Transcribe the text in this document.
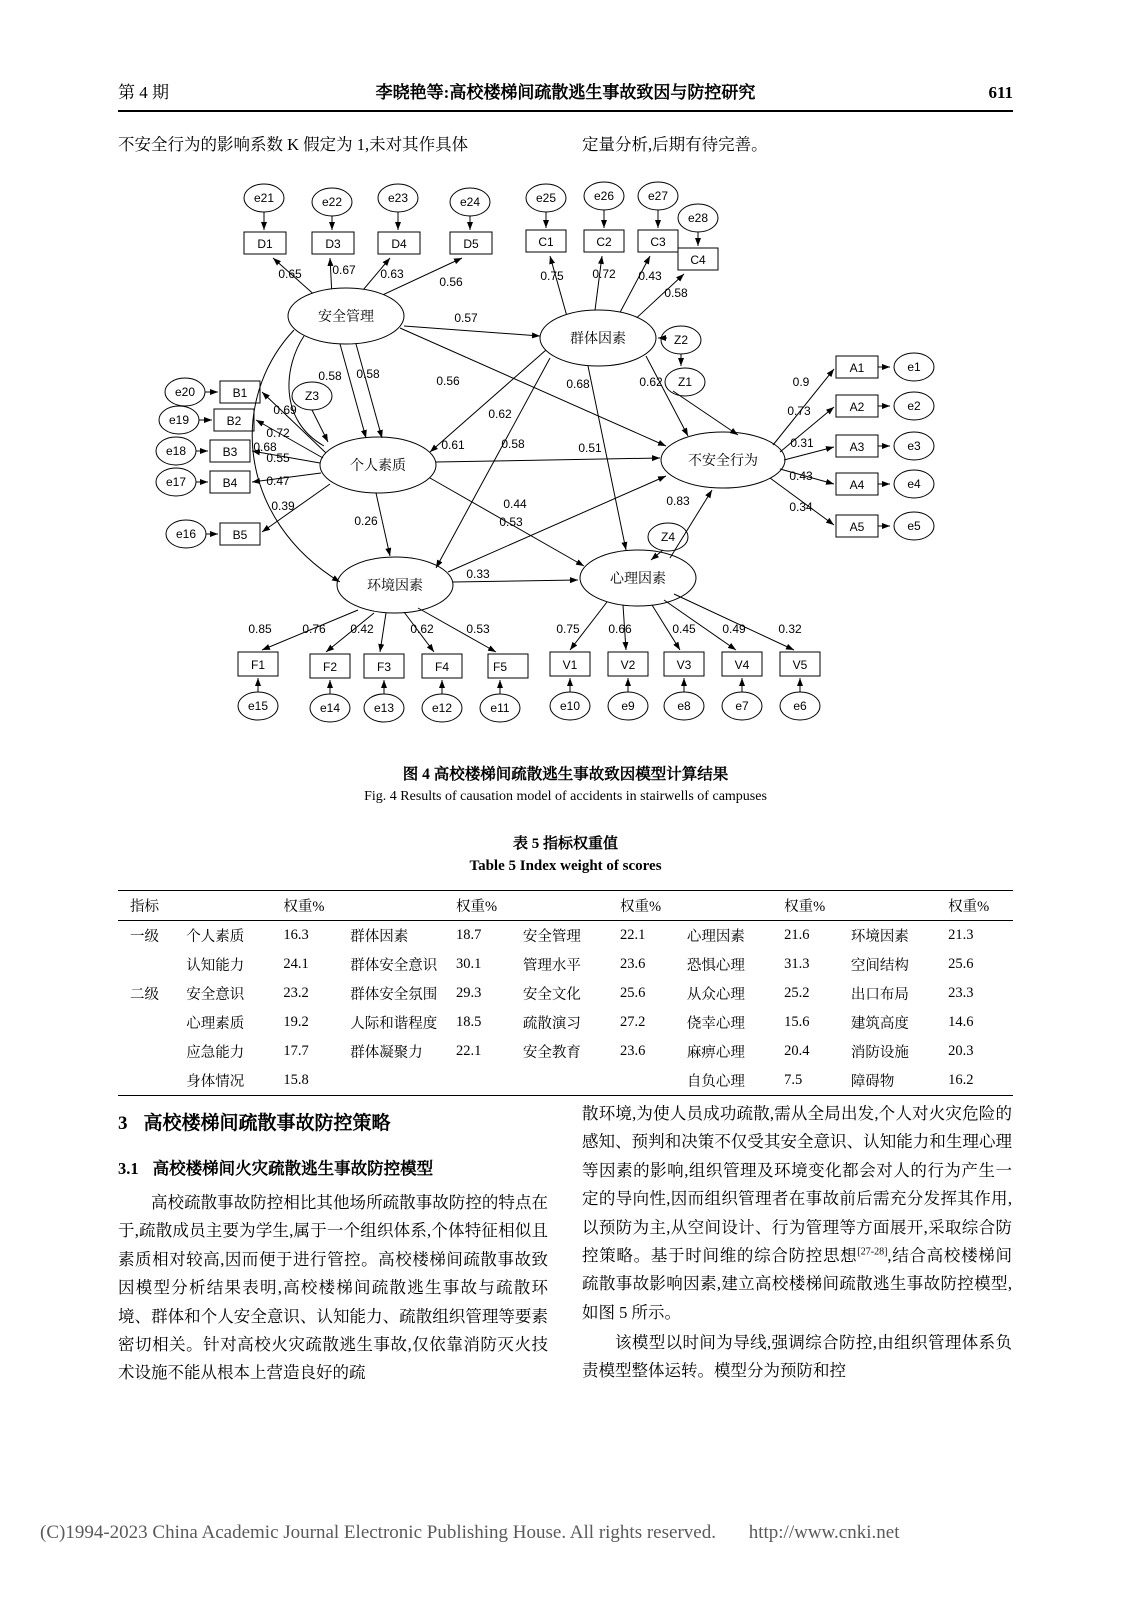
第 4 期	李晓艳等:高校楼梯间疏散逃生事故致因与防控研究	611
不安全行为的影响系数 K 假定为 1,未对其作具体	定量分析,后期有待完善。
e21	e22	e23	e24
D1	D3	D4	D5
0.65	0.67 0.63
0.56
e25	e26	e27
e28
C1	C2	C3
C4
0.75 0.72 0.43
0.58
安全管理
群体因素
个人素质	不安全行为
环境因素	心理因素
Z1
Z2
Z3
Z4
e20
e19
e18
e17
e16
B1
B2
B3
B4
B5
0.69
0.72
0.68
0.55
0.47
0.39
A1
A2
A3
A4
A5
e1
e2
e3
e4
e5
0.9
0.73
0.31
0.43
0.34
F1	F2	F3	F4	F5
e15	e14	e13	e12	e11
0.85	0.76 0.42	0.62	0.53
V1	V2	V3	V4	V5
e10	e9	e8	e7	e6
0.75 0.66	0.45 0.49	0.32
0.57
0.58 0.58	0.56	0.68	0.62
0.62
0.61	0.58	0.51
0.44
0.53
0.26
0.33
0.83
图 4 高校楼梯间疏散逃生事故致因模型计算结果
Fig. 4 Results of causation model of accidents in stairwells of campuses
表 5 指标权重值
Table 5 Index weight of scores
指标		权重%		权重%		权重%		权重%		权重%
一级	个人素质	16.3	群体因素	18.7	安全管理	22.1	心理因素	21.6	环境因素	21.3
	认知能力	24.1	群体安全意识	30.1	管理水平	23.6	恐惧心理	31.3	空间结构	25.6
二级	安全意识	23.2	群体安全氛围	29.3	安全文化	25.6	从众心理	25.2	出口布局	23.3
	心理素质	19.2	人际和谐程度	18.5	疏散演习	27.2	侥幸心理	15.6	建筑高度	14.6
	应急能力	17.7	群体凝聚力	22.1	安全教育	23.6	麻痹心理	20.4	消防设施	20.3
	身体情况	15.8					自负心理	7.5	障碍物	16.2
3 高校楼梯间疏散事故防控策略
3.1 高校楼梯间火灾疏散逃生事故防控模型

高校疏散事故防控相比其他场所疏散事故防控的特点在于,疏散成员主要为学生,属于一个组织体系,个体特征相似且素质相对较高,因而便于进行管控。高校楼梯间疏散事故致因模型分析结果表明,高校楼梯间疏散逃生事故与疏散环境、群体和个人安全意识、认知能力、疏散组织管理等要素密切相关。针对高校火灾疏散逃生事故,仅依靠消防灭火技术设施不能从根本上营造良好的疏

散环境,为使人员成功疏散,需从全局出发,个人对火灾危险的感知、预判和决策不仅受其安全意识、认知能力和生理心理等因素的影响,组织管理及环境变化都会对人的行为产生一定的导向性,因而组织管理者在事故前后需充分发挥其作用,以预防为主,从空间设计、行为管理等方面展开,采取综合防控策略。基于时间维的综合防控思想[27-28],结合高校楼梯间疏散事故影响因素,建立高校楼梯间疏散逃生事故防控模型,如图 5 所示。

该模型以时间为导线,强调综合防控,由组织管理体系负责模型整体运转。模型分为预防和控

(C)1994-2023 China Academic Journal Electronic Publishing House. All rights reserved. http://www.cnki.net
